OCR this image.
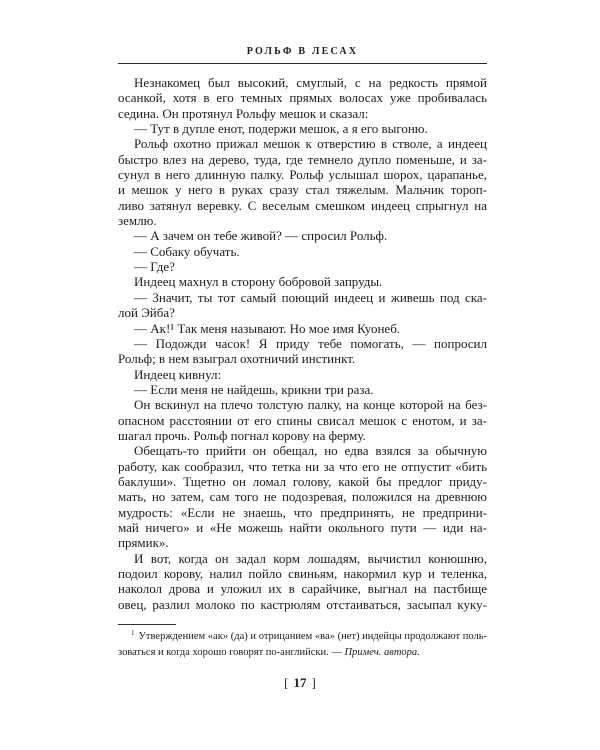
РОЛЬФ В ЛЕСАХ
Незнакомец был высокий, смуглый, с на редкость прямой
осанкой, хотя в его темных прямых волосах уже пробивалась
седина. Он протянул Рольфу мешок и сказал:
— Тут в дупле енот, подержи мешок, а я его выгоню.
Рольф охотно прижал мешок к отверстию в стволе, а индеец
быстро влез на дерево, туда, где темнело дупло поменьше, и за-
сунул в него длинную палку. Рольф услышал шорох, царапанье,
и мешок у него в руках сразу стал тяжелым. Мальчик тороп-
ливо затянул веревку. С веселым смешком индеец спрыгнул на
землю.
— А зачем он тебе живой? — спросил Рольф.
— Собаку обучать.
— Где?
Индеец махнул в сторону бобровой запруды.
— Значит, ты тот самый поющий индеец и живешь под ска-
лой Эйба?
— Ак!¹ Так меня называют. Но мое имя Куонеб.
— Подожди часок! Я приду тебе помогать, — попросил
Рольф; в нем взыграл охотничий инстинкт.
Индеец кивнул:
— Если меня не найдешь, крикни три раза.
Он вскинул на плечо толстую палку, на конце которой на без-
опасном расстоянии от его спины свисал мешок с енотом, и за-
шагал прочь. Рольф погнал корову на ферму.
Обещать-то прийти он обещал, но едва взялся за обычную
работу, как сообразил, что тетка ни за что его не отпустит «бить
баклуши». Тщетно он ломал голову, какой бы предлог приду-
мать, но затем, сам того не подозревая, положился на древнюю
мудрость: «Если не знаешь, что предпринять, не предприни-
май ничего» и «Не можешь найти окольного пути — иди на-
прямик».
И вот, когда он задал корм лошадям, вычистил конюшню,
подоил корову, налил пойло свиньям, накормил кур и теленка,
наколол дрова и уложил их в сарайчике, выгнал на пастбище
овец, разлил молоко по кастрюлям отстаиваться, засыпал куку-
$^1$ Утверждением «ак» (да) и отрицанием «ва» (нет) индейцы продолжают поль-
зоваться и когда хорошо говорят по-английски. — Примеч. автора.
[ 17 ]
